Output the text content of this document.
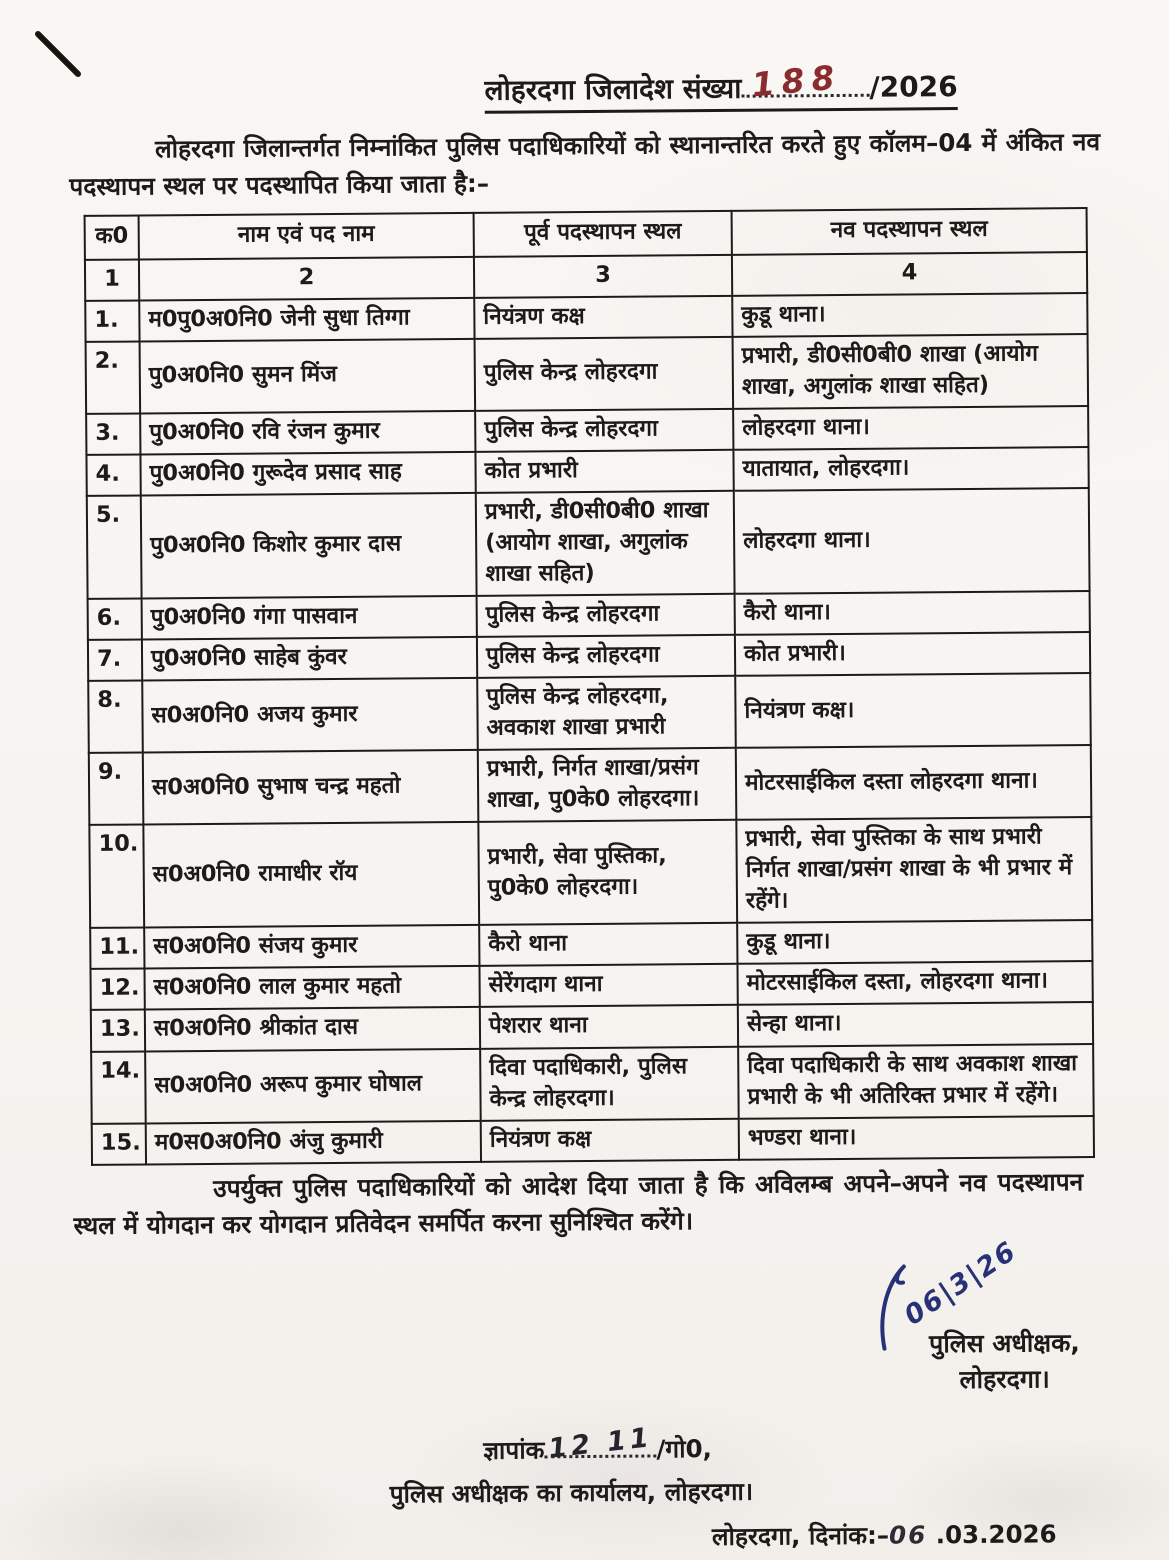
लोहरदगा जिलादेश संख्या 188 /2026

लोहरदगा जिलान्तर्गत निम्नांकित पुलिस पदाधिकारियों को स्थानान्तरित करते हुए कॉलम–04 में अंकित नव पदस्थापन स्थल पर पदस्थापित किया जाता है:–

क0	नाम एवं पद नाम	पूर्व पदस्थापन स्थल	नव पदस्थापन स्थल
1	2	3	4
1.	म0पु0अ0नि0 जेनी सुधा तिग्गा	नियंत्रण कक्ष	कुडू थाना।
2.	पु0अ0नि0 सुमन मिंज	पुलिस केन्द्र लोहरदगा	प्रभारी, डी0सी0बी0 शाखा (आयोग शाखा, अगुलांक शाखा सहित)
3.	पु0अ0नि0 रवि रंजन कुमार	पुलिस केन्द्र लोहरदगा	लोहरदगा थाना।
4.	पु0अ0नि0 गुरूदेव प्रसाद साह	कोत प्रभारी	यातायात, लोहरदगा।
5.	पु0अ0नि0 किशोर कुमार दास	प्रभारी, डी0सी0बी0 शाखा (आयोग शाखा, अगुलांक शाखा सहित)	लोहरदगा थाना।
6.	पु0अ0नि0 गंगा पासवान	पुलिस केन्द्र लोहरदगा	कैरो थाना।
7.	पु0अ0नि0 साहेब कुंवर	पुलिस केन्द्र लोहरदगा	कोत प्रभारी।
8.	स0अ0नि0 अजय कुमार	पुलिस केन्द्र लोहरदगा, अवकाश शाखा प्रभारी	नियंत्रण कक्ष।
9.	स0अ0नि0 सुभाष चन्द्र महतो	प्रभारी, निर्गत शाखा/प्रसंग शाखा, पु0के0 लोहरदगा।	मोटरसाईकिल दस्ता लोहरदगा थाना।
10.	स0अ0नि0 रामाधीर रॉय	प्रभारी, सेवा पुस्तिका, पु0के0 लोहरदगा।	प्रभारी, सेवा पुस्तिका के साथ प्रभारी निर्गत शाखा/प्रसंग शाखा के भी प्रभार में रहेंगे।
11.	स0अ0नि0 संजय कुमार	कैरो थाना	कुडू थाना।
12.	स0अ0नि0 लाल कुमार महतो	सेरेंगदाग थाना	मोटरसाईकिल दस्ता, लोहरदगा थाना।
13.	स0अ0नि0 श्रीकांत दास	पेशरार थाना	सेन्हा थाना।
14.	स0अ0नि0 अरूप कुमार घोषाल	दिवा पदाधिकारी, पुलिस केन्द्र लोहरदगा।	दिवा पदाधिकारी के साथ अवकाश शाखा प्रभारी के भी अतिरिक्त प्रभार में रहेंगे।
15.	म0स0अ0नि0 अंजु कुमारी	नियंत्रण कक्ष	भण्डरा थाना।

उपर्युक्त पुलिस पदाधिकारियों को आदेश दिया जाता है कि अविलम्ब अपने–अपने नव पदस्थापन स्थल में योगदान कर योगदान प्रतिवेदन समर्पित करना सुनिश्चित करेंगे।

06|3|26
पुलिस अधीक्षक,
लोहरदगा।
ज्ञापांक 12 11 /गो0,
पुलिस अधीक्षक का कार्यालय, लोहरदगा।
लोहरदगा, दिनांक:–06 .03.2026
